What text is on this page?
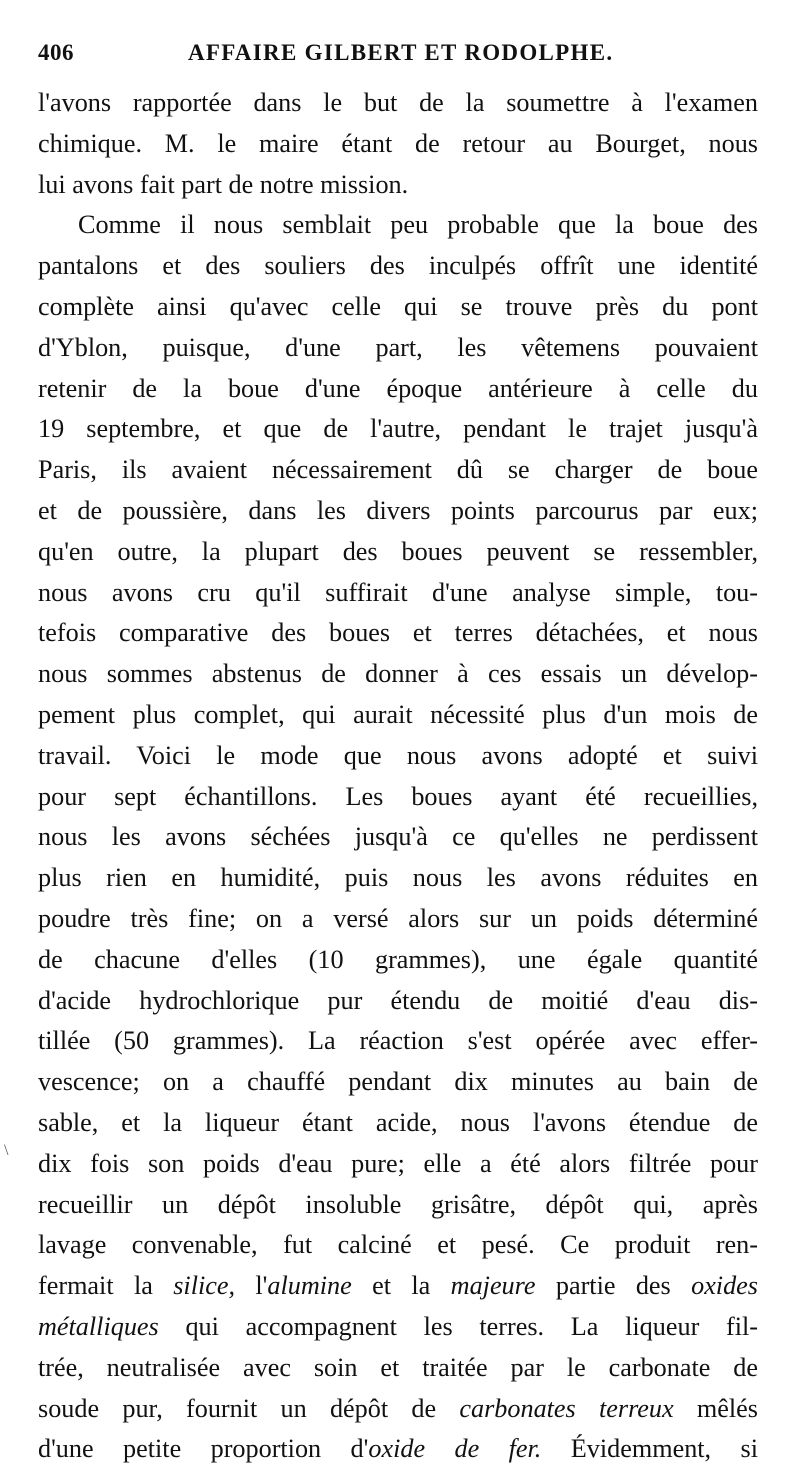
406	AFFAIRE GILBERT ET RODOLPHE.
\
l'avons rapportée dans le but de la soumettre à l'examen
chimique. M. le maire étant de retour au Bourget, nous
lui avons fait part de notre mission.
Comme il nous semblait peu probable que la boue des
pantalons et des souliers des inculpés offrît une identité
complète ainsi qu'avec celle qui se trouve près du pont
d'Yblon, puisque, d'une part, les vêtemens pouvaient
retenir de la boue d'une époque antérieure à celle du
19 septembre, et que de l'autre, pendant le trajet jusqu'à
Paris, ils avaient nécessairement dû se charger de boue
et de poussière, dans les divers points parcourus par eux;
qu'en outre, la plupart des boues peuvent se ressembler,
nous avons cru qu'il suffirait d'une analyse simple, tou-
tefois comparative des boues et terres détachées, et nous
nous sommes abstenus de donner à ces essais un dévelop-
pement plus complet, qui aurait nécessité plus d'un mois de
travail. Voici le mode que nous avons adopté et suivi
pour sept échantillons. Les boues ayant été recueillies,
nous les avons séchées jusqu'à ce qu'elles ne perdissent
plus rien en humidité, puis nous les avons réduites en
poudre très fine; on a versé alors sur un poids déterminé
de chacune d'elles (10 grammes), une égale quantité
d'acide hydrochlorique pur étendu de moitié d'eau dis-
tillée (50 grammes). La réaction s'est opérée avec effer-
vescence; on a chauffé pendant dix minutes au bain de
sable, et la liqueur étant acide, nous l'avons étendue de
dix fois son poids d'eau pure; elle a été alors filtrée pour
recueillir un dépôt insoluble grisâtre, dépôt qui, après
lavage convenable, fut calciné et pesé. Ce produit ren-
fermait la silice, l'alumine et la majeure partie des oxides
métalliques qui accompagnent les terres. La liqueur fil-
trée, neutralisée avec soin et traitée par le carbonate de
soude pur, fournit un dépôt de carbonates terreux mêlés
d'une petite proportion d'oxide de fer. Évidemment, si
